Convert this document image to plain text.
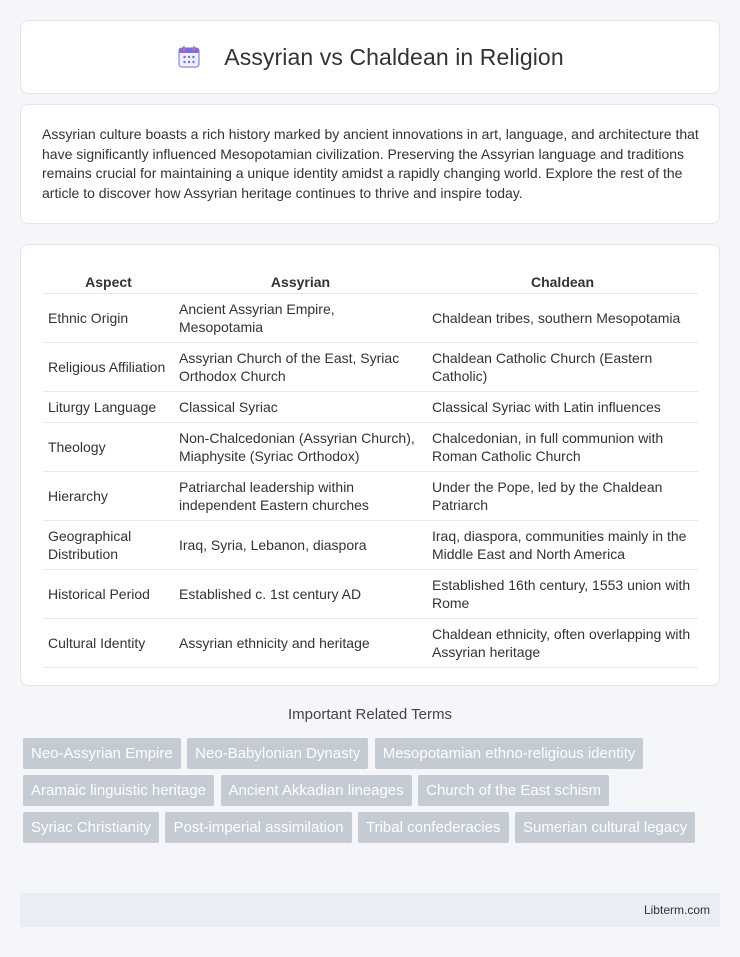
Assyrian vs Chaldean in Religion

Assyrian culture boasts a rich history marked by ancient innovations in art, language, and architecture that have significantly influenced Mesopotamian civilization. Preserving the Assyrian language and traditions remains crucial for maintaining a unique identity amidst a rapidly changing world. Explore the rest of the article to discover how Assyrian heritage continues to thrive and inspire today.

Aspect	Assyrian	Chaldean
Ethnic Origin	Ancient Assyrian Empire, Mesopotamia	Chaldean tribes, southern Mesopotamia
Religious Affiliation	Assyrian Church of the East, Syriac Orthodox Church	Chaldean Catholic Church (Eastern Catholic)
Liturgy Language	Classical Syriac	Classical Syriac with Latin influences
Theology	Non-Chalcedonian (Assyrian Church), Miaphysite (Syriac Orthodox)	Chalcedonian, in full communion with Roman Catholic Church
Hierarchy	Patriarchal leadership within independent Eastern churches	Under the Pope, led by the Chaldean Patriarch
Geographical Distribution	Iraq, Syria, Lebanon, diaspora	Iraq, diaspora, communities mainly in the Middle East and North America
Historical Period	Established c. 1st century AD	Established 16th century, 1553 union with Rome
Cultural Identity	Assyrian ethnicity and heritage	Chaldean ethnicity, often overlapping with Assyrian heritage
Important Related Terms
Neo-Assyrian Empire Neo-Babylonian Dynasty Mesopotamian ethno-religious identity Aramaic linguistic heritage Ancient Akkadian lineages Church of the East schism Syriac Christianity Post-imperial assimilation Tribal confederacies Sumerian cultural legacy
Libterm.com
